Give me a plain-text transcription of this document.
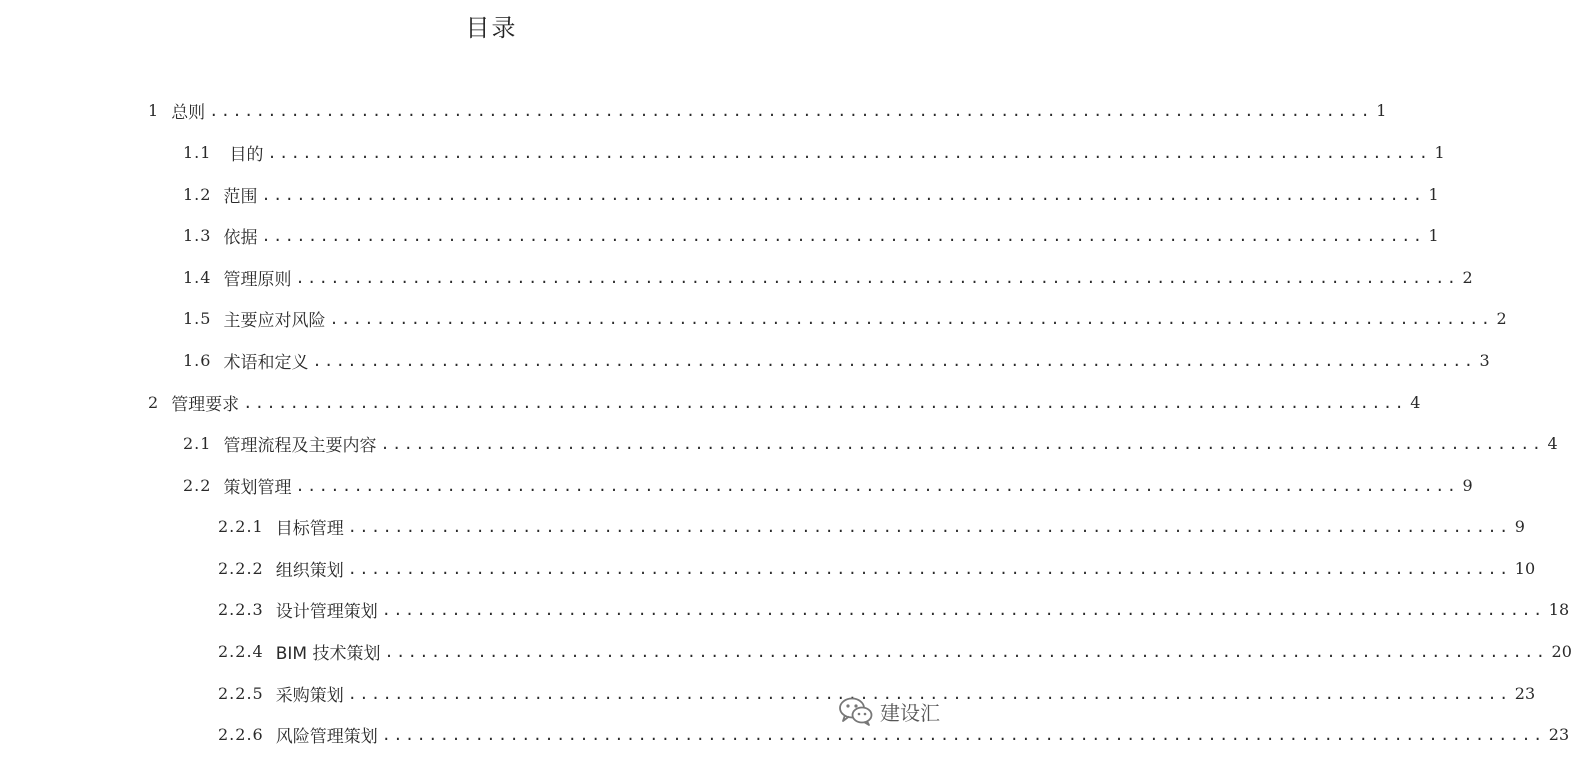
目录
1 总则 .................................................................................................... 1
1.1 目的 .................................................................................................... 1
1.2 范围 .................................................................................................... 1
1.3 依据 .................................................................................................... 1
1.4 管理原则 .................................................................................................... 2
1.5 主要应对风险 .................................................................................................... 2
1.6 术语和定义 .................................................................................................... 3
2 管理要求 .................................................................................................... 4
2.1 管理流程及主要内容 .................................................................................................... 4
2.2 策划管理 .................................................................................................... 9
2.2.1 目标管理 .................................................................................................... 9
2.2.2 组织策划 .................................................................................................... 10
2.2.3 设计管理策划 .................................................................................................... 18
2.2.4 BIM 技术策划 .................................................................................................... 20
2.2.5 采购策划 .................................................................................................... 23
2.2.6 风险管理策划 .................................................................................................... 23
建设汇
